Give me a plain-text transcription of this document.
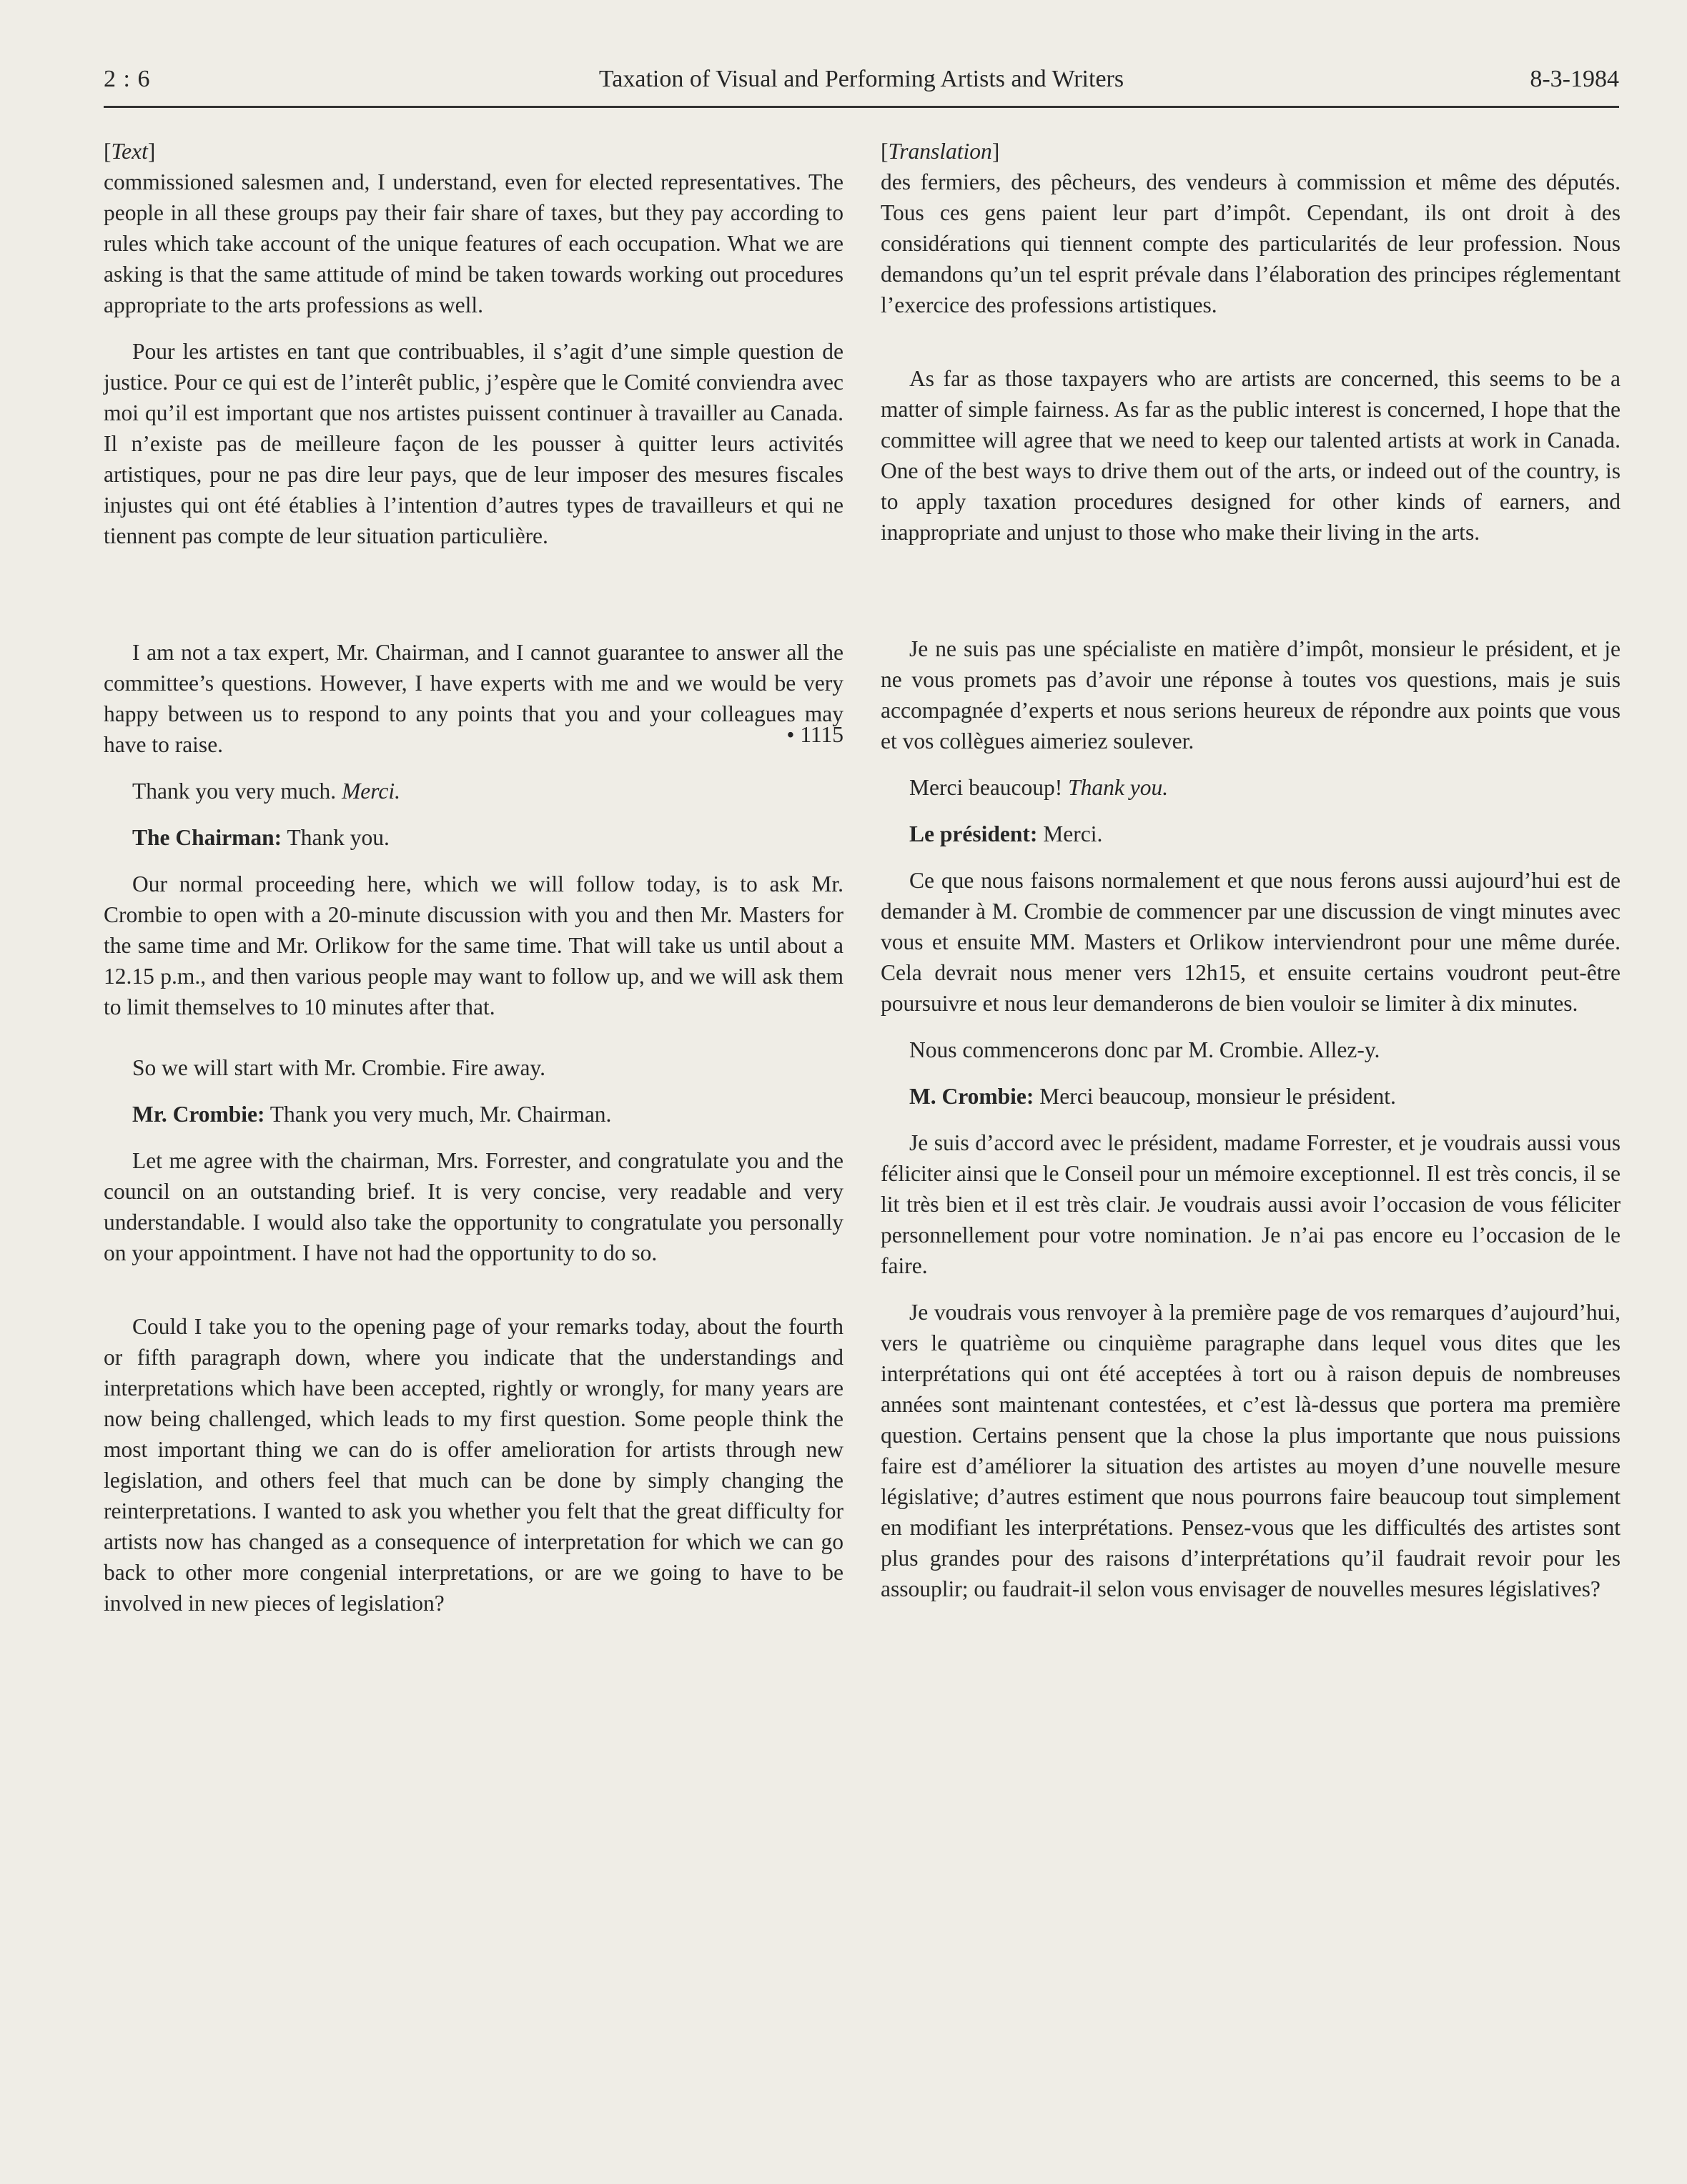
2 : 6	Taxation of Visual and Performing Artists and Writers	8-3-1984

[Text]

commissioned salesmen and, I understand, even for elected representatives. The people in all these groups pay their fair share of taxes, but they pay according to rules which take account of the unique features of each occupation. What we are asking is that the same attitude of mind be taken towards working out procedures appropriate to the arts professions as well.

Pour les artistes en tant que contribuables, il s’agit d’une simple question de justice. Pour ce qui est de l’interêt public, j’espère que le Comité conviendra avec moi qu’il est important que nos artistes puissent continuer à travailler au Canada. Il n’existe pas de meilleure façon de les pousser à quitter leurs activités artistiques, pour ne pas dire leur pays, que de leur imposer des mesures fiscales injustes qui ont été établies à l’intention d’autres types de travailleurs et qui ne tiennent pas compte de leur situation particulière.

I am not a tax expert, Mr. Chairman, and I cannot guarantee to answer all the committee’s questions. However, I have experts with me and we would be very happy between us to respond to any points that you and your colleagues may have to raise.

Thank you very much. Merci.

The Chairman: Thank you.

Our normal proceeding here, which we will follow today, is to ask Mr. Crombie to open with a 20-minute discussion with you and then Mr. Masters for the same time and Mr. Orlikow for the same time. That will take us until about a 12.15 p.m., and then various people may want to follow up, and we will ask them to limit themselves to 10 minutes after that.

So we will start with Mr. Crombie. Fire away.

Mr. Crombie: Thank you very much, Mr. Chairman.

Let me agree with the chairman, Mrs. Forrester, and congratulate you and the council on an outstanding brief. It is very concise, very readable and very understandable. I would also take the opportunity to congratulate you personally on your appointment. I have not had the opportunity to do so.

Could I take you to the opening page of your remarks today, about the fourth or fifth paragraph down, where you indicate that the understandings and interpretations which have been accepted, rightly or wrongly, for many years are now being challenged, which leads to my first question. Some people think the most important thing we can do is offer amelioration for artists through new legislation, and others feel that much can be done by simply changing the reinterpretations. I wanted to ask you whether you felt that the great difficulty for artists now has changed as a consequence of interpretation for which we can go back to other more congenial interpretations, or are we going to have to be involved in new pieces of legislation?

• 1115

[Translation]

des fermiers, des pêcheurs, des vendeurs à commission et même des députés. Tous ces gens paient leur part d’impôt. Cependant, ils ont droit à des considérations qui tiennent compte des particularités de leur profession. Nous demandons qu’un tel esprit prévale dans l’élaboration des principes réglementant l’exercice des professions artistiques.

As far as those taxpayers who are artists are concerned, this seems to be a matter of simple fairness. As far as the public interest is concerned, I hope that the committee will agree that we need to keep our talented artists at work in Canada. One of the best ways to drive them out of the arts, or indeed out of the country, is to apply taxation procedures designed for other kinds of earners, and inappropriate and unjust to those who make their living in the arts.

Je ne suis pas une spécialiste en matière d’impôt, monsieur le président, et je ne vous promets pas d’avoir une réponse à toutes vos questions, mais je suis accompagnée d’experts et nous serions heureux de répondre aux points que vous et vos collègues aimeriez soulever.

Merci beaucoup! Thank you.

Le président: Merci.

Ce que nous faisons normalement et que nous ferons aussi aujourd’hui est de demander à M. Crombie de commencer par une discussion de vingt minutes avec vous et ensuite MM. Masters et Orlikow interviendront pour une même durée. Cela devrait nous mener vers 12h15, et ensuite certains voudront peut-être poursuivre et nous leur demanderons de bien vouloir se limiter à dix minutes.

Nous commencerons donc par M. Crombie. Allez-y.

M. Crombie: Merci beaucoup, monsieur le président.

Je suis d’accord avec le président, madame Forrester, et je voudrais aussi vous féliciter ainsi que le Conseil pour un mémoire exceptionnel. Il est très concis, il se lit très bien et il est très clair. Je voudrais aussi avoir l’occasion de vous féliciter personnellement pour votre nomination. Je n’ai pas encore eu l’occasion de le faire.

Je voudrais vous renvoyer à la première page de vos remarques d’aujourd’hui, vers le quatrième ou cinquième paragraphe dans lequel vous dites que les interprétations qui ont été acceptées à tort ou à raison depuis de nombreuses années sont maintenant contestées, et c’est là-dessus que portera ma première question. Certains pensent que la chose la plus importante que nous puissions faire est d’améliorer la situation des artistes au moyen d’une nouvelle mesure législative; d’autres estiment que nous pourrons faire beaucoup tout simplement en modifiant les interprétations. Pensez-vous que les difficultés des artistes sont plus grandes pour des raisons d’interprétations qu’il faudrait revoir pour les assouplir; ou faudrait-il selon vous envisager de nouvelles mesures législatives?
